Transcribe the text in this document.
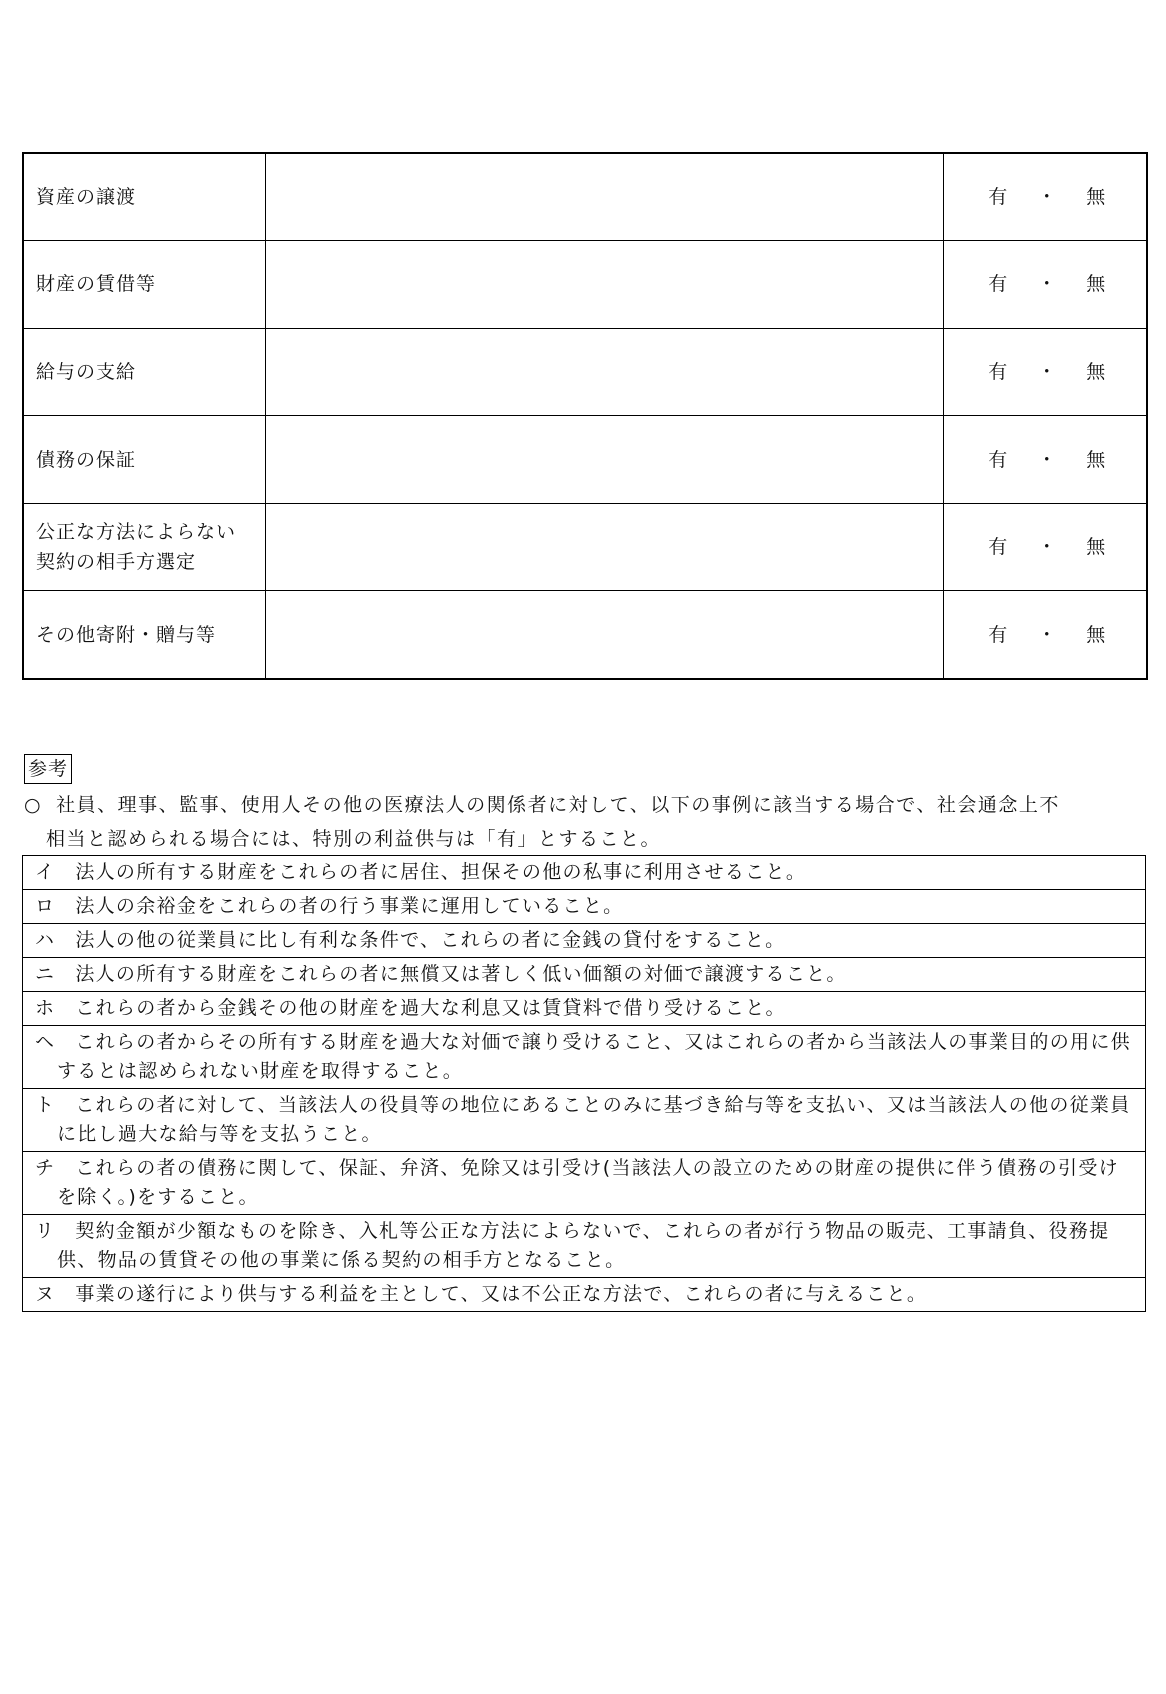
資産の譲渡		有 ・ 無
財産の賃借等		有 ・ 無
給与の支給		有 ・ 無
債務の保証		有 ・ 無
公正な方法によらない
契約の相手方選定		有 ・ 無
その他寄附・贈与等		有 ・ 無
参考
○ 社員、理事、監事、使用人その他の医療法人の関係者に対して、以下の事例に該当する場合で、社会通念上不
相当と認められる場合には、特別の利益供与は「有」とすること。
イ 法人の所有する財産をこれらの者に居住、担保その他の私事に利用させること。

ロ 法人の余裕金をこれらの者の行う事業に運用していること。

ハ 法人の他の従業員に比し有利な条件で、これらの者に金銭の貸付をすること。

ニ 法人の所有する財産をこれらの者に無償又は著しく低い価額の対価で譲渡すること。

ホ これらの者から金銭その他の財産を過大な利息又は賃貸料で借り受けること。

ヘ これらの者からその所有する財産を過大な対価で譲り受けること、又はこれらの者から当該法人の事業目的の用に供するとは認められない財産を取得すること。

ト これらの者に対して、当該法人の役員等の地位にあることのみに基づき給与等を支払い、又は当該法人の他の従業員に比し過大な給与等を支払うこと。

チ これらの者の債務に関して、保証、弁済、免除又は引受け(当該法人の設立のための財産の提供に伴う債務の引受けを除く。)をすること。

リ 契約金額が少額なものを除き、入札等公正な方法によらないで、これらの者が行う物品の販売、工事請負、役務提供、物品の賃貸その他の事業に係る契約の相手方となること。

ヌ 事業の遂行により供与する利益を主として、又は不公正な方法で、これらの者に与えること。
